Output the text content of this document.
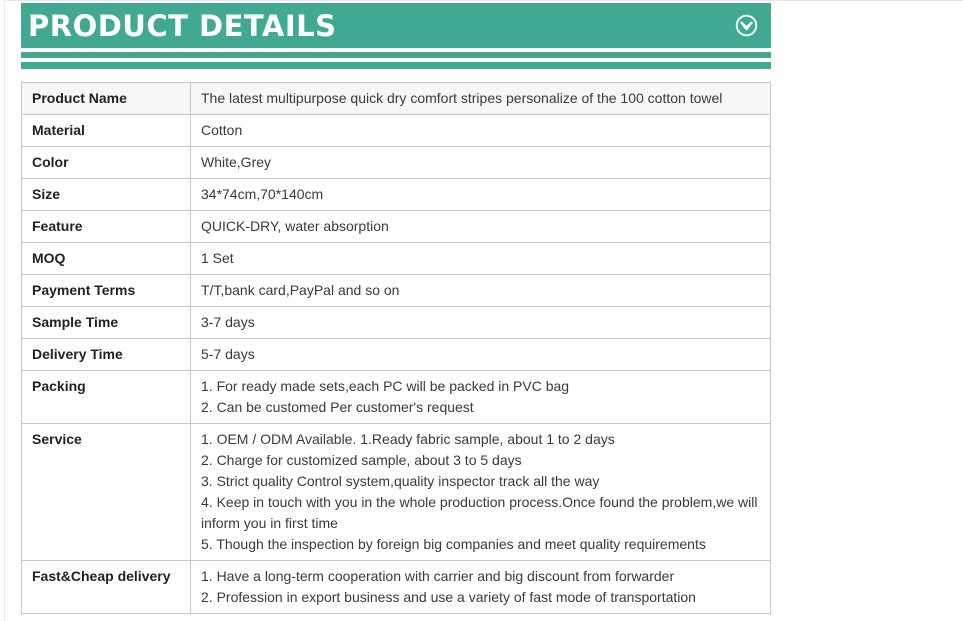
PRODUCT DETAILS
Product Name	The latest multipurpose quick dry comfort stripes personalize of the 100 cotton towel

Material	Cotton

Color	White,Grey

Size	34*74cm,70*140cm

Feature	QUICK-DRY, water absorption

MOQ	1 Set

Payment Terms	T/T,bank card,PayPal and so on

Sample Time	3-7 days

Delivery Time	5-7 days

Packing	1. For ready made sets,each PC will be packed in PVC bag
2. Can be customed Per customer's request

Service	1. OEM / ODM Available. 1.Ready fabric sample, about 1 to 2 days
2. Charge for customized sample, about 3 to 5 days
3. Strict quality Control system,quality inspector track all the way
4. Keep in touch with you in the whole production process.Once found the problem,we will inform you in first time
5. Though the inspection by foreign big companies and meet quality requirements

Fast&Cheap delivery	1. Have a long-term cooperation with carrier and big discount from forwarder
2. Profession in export business and use a variety of fast mode of transportation
